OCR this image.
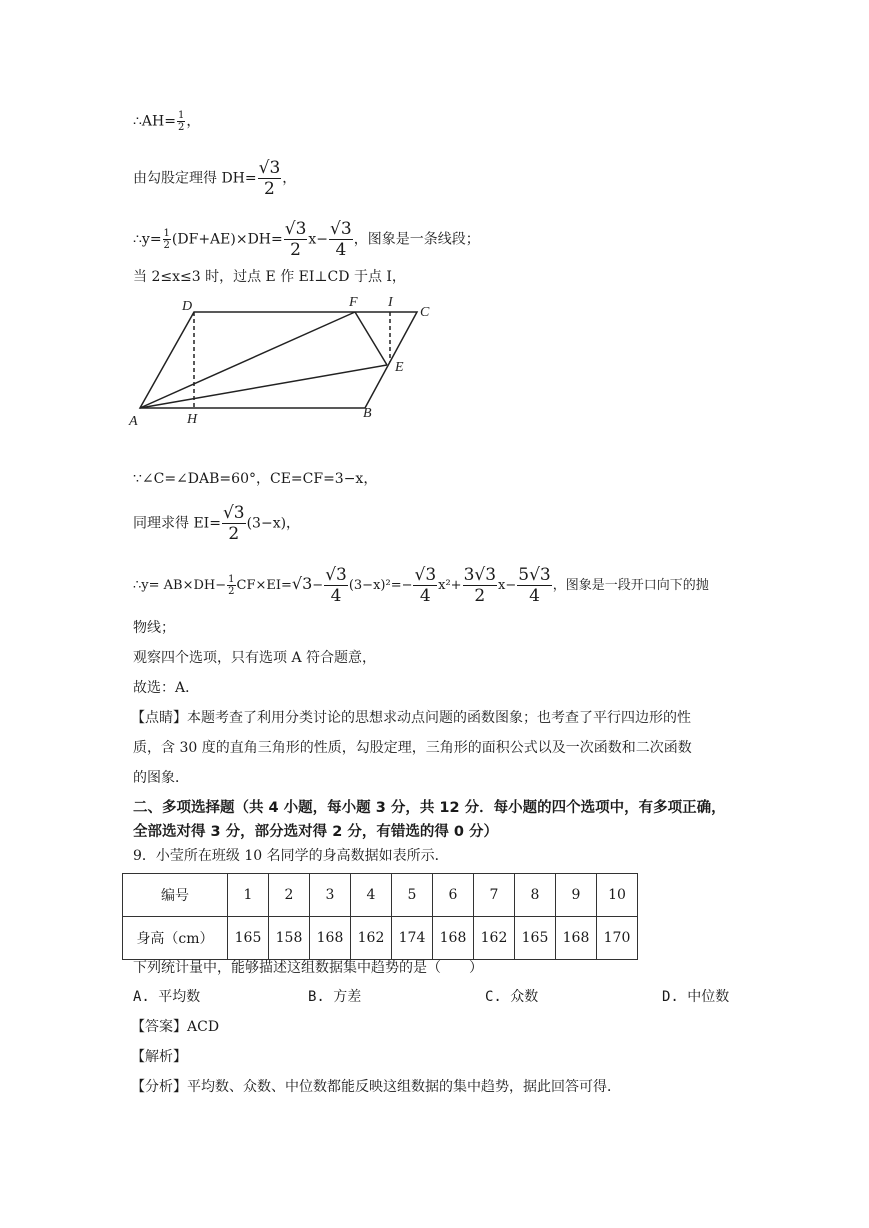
∴AH= $\frac{1}{2}$ ，
由勾股定理得 $DH= \frac{√3}{2}$ ，
∴y= $\frac{1}{2} (DF+AE)\times DH= \frac{√3}{2} x- \frac{√3}{4}$ ，图象是一条线段；
当 2≤x≤3 时，过点 E 作 EI⊥CD 于点 I，
A	H	B
C
D
E
F I
∵∠C=∠DAB=60°，CE=CF=3−x，
同理求得 $EI= \frac{√3}{2} (3-x)$，
∴y= $AB\times DH- \frac{1}{2} CF\times EI=√3- \frac{√3}{4} (3-x)^2=- \frac{√3}{4} x^2+ \frac{3√3}{2} x- \frac{5√3}{4}$ ，图象是一段开口向下的抛
物线；
观察四个选项，只有选项 A 符合题意，
故选：A．
【点睛】本题考查了利用分类讨论的思想求动点问题的函数图象；也考查了平行四边形的性
质，含 30 度的直角三角形的性质，勾股定理，三角形的面积公式以及一次函数和二次函数
的图象．
二、多项选择题（共 4 小题，每小题 3 分，共 12 分．每小题的四个选项中，有多项正确，
全部选对得 3 分，部分选对得 2 分，有错选的得 0 分）
9．小莹所在班级 10 名同学的身高数据如表所示．
编号	1	2	3	4	5	6	7	8	9	10
身高（cm）	165	158	168	162	174	168	162	165	168	170
下列统计量中，能够描述这组数据集中趋势的是（　　）
A. 平均数	B. 方差	C. 众数	D. 中位数
【答案】ACD
【解析】
【分析】平均数、众数、中位数都能反映这组数据的集中趋势，据此回答可得．
